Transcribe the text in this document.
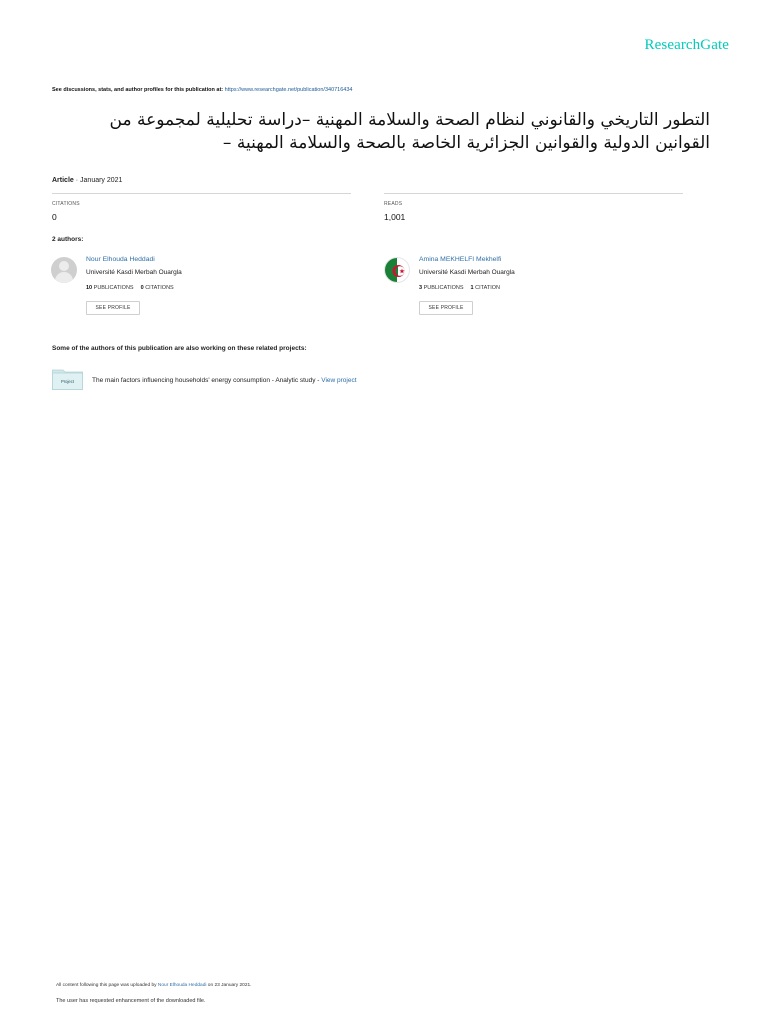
ResearchGate
See discussions, stats, and author profiles for this publication at: https://www.researchgate.net/publication/340716434
التطور التاريخي والقانوني لنظام الصحة والسلامة المهنية –دراسة تحليلية لمجموعة من القوانين الدولية والقوانين الجزائرية الخاصة بالصحة والسلامة المهنية –
Article · January 2021
CITATIONS
0
READS
1,001
2 authors:
Nour Elhouda Heddadi
Université Kasdi Merbah Ouargla
10 PUBLICATIONS 0 CITATIONS
SEE PROFILE
Amina MEKHELFI Mekhelfi
Université Kasdi Merbah Ouargla
3 PUBLICATIONS 1 CITATION
SEE PROFILE
Some of the authors of this publication are also working on these related projects:
Project	The main factors influencing households' energy consumption - Analytic study - View project
All content following this page was uploaded by Nour Elhouda Heddadi on 23 January 2021.
The user has requested enhancement of the downloaded file.
